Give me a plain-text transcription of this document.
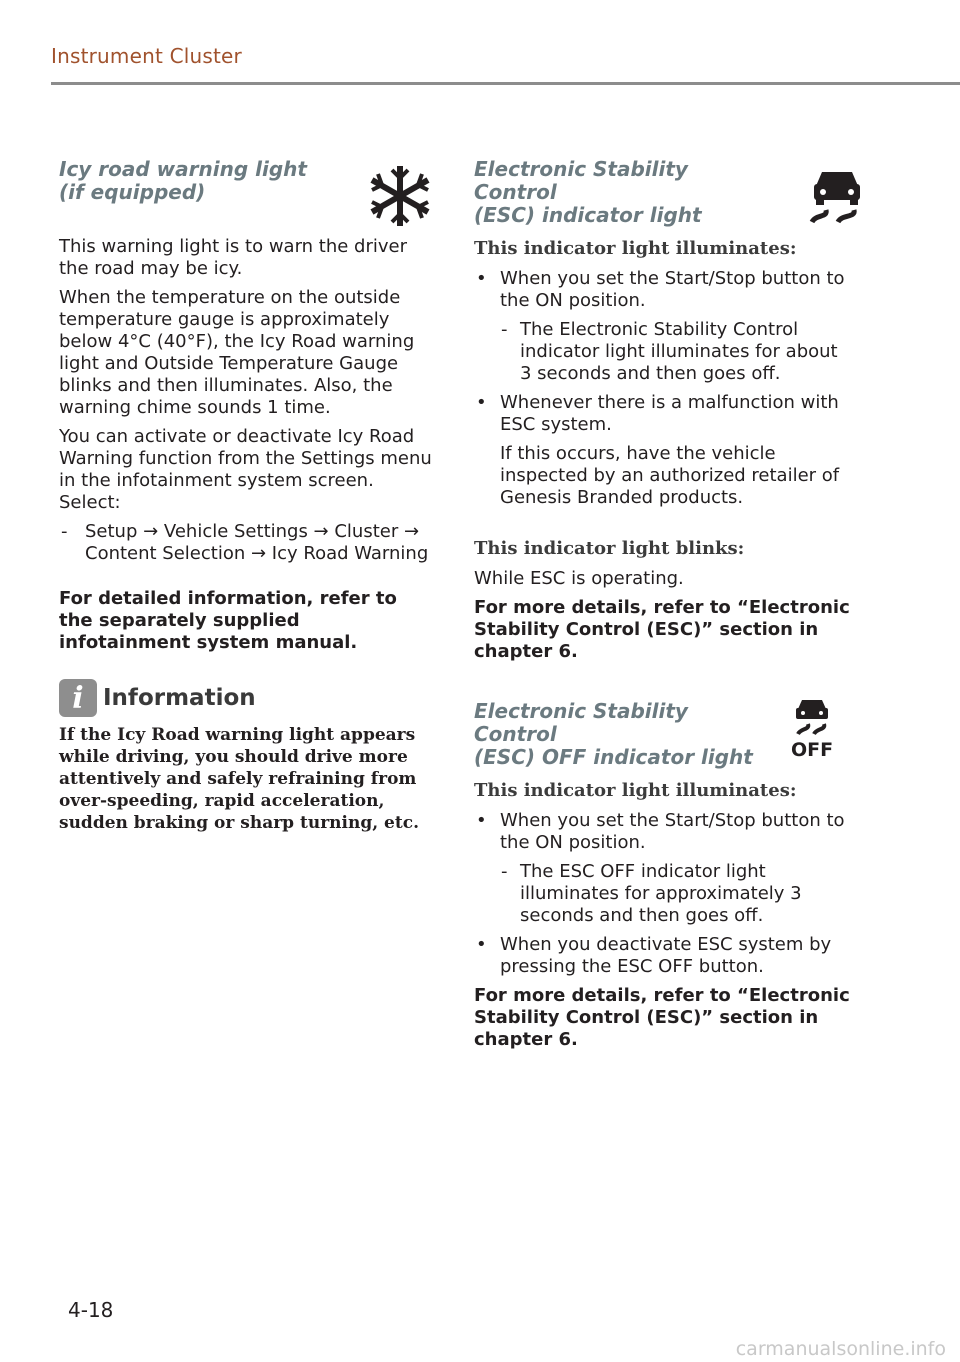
Instrument Cluster
Icy road warning light
(if equipped)
This warning light is to warn the driver the road may be icy.
When the temperature on the outside temperature gauge is approximately below 4°C (40°F), the Icy Road warning light and Outside Temperature Gauge blinks and then illuminates. Also, the warning chime sounds 1 time.
You can activate or deactivate Icy Road Warning function from the Settings menu in the infotainment system screen. Select:
- Setup → Vehicle Settings → Cluster → Content Selection → Icy Road Warning
For detailed information, refer to the separately supplied infotainment system manual.
i Information
If the Icy Road warning light appears while driving, you should drive more attentively and safely refraining from over-speeding, rapid acceleration, sudden braking or sharp turning, etc.
Electronic Stability Control
(ESC) indicator light
This indicator light illuminates:
• When you set the Start/Stop button to the ON position.
- The Electronic Stability Control indicator light illuminates for about 3 seconds and then goes off.
• Whenever there is a malfunction with ESC system.
If this occurs, have the vehicle inspected by an authorized retailer of Genesis Branded products.
This indicator light blinks:
While ESC is operating.
For more details, refer to “Electronic Stability Control (ESC)” section in chapter 6.
Electronic Stability Control
(ESC) OFF indicator light	OFF
This indicator light illuminates:
• When you set the Start/Stop button to the ON position.
- The ESC OFF indicator light illuminates for approximately 3 seconds and then goes off.
• When you deactivate ESC system by pressing the ESC OFF button.
For more details, refer to “Electronic Stability Control (ESC)” section in chapter 6.
4-18
carmanualsonline.info
